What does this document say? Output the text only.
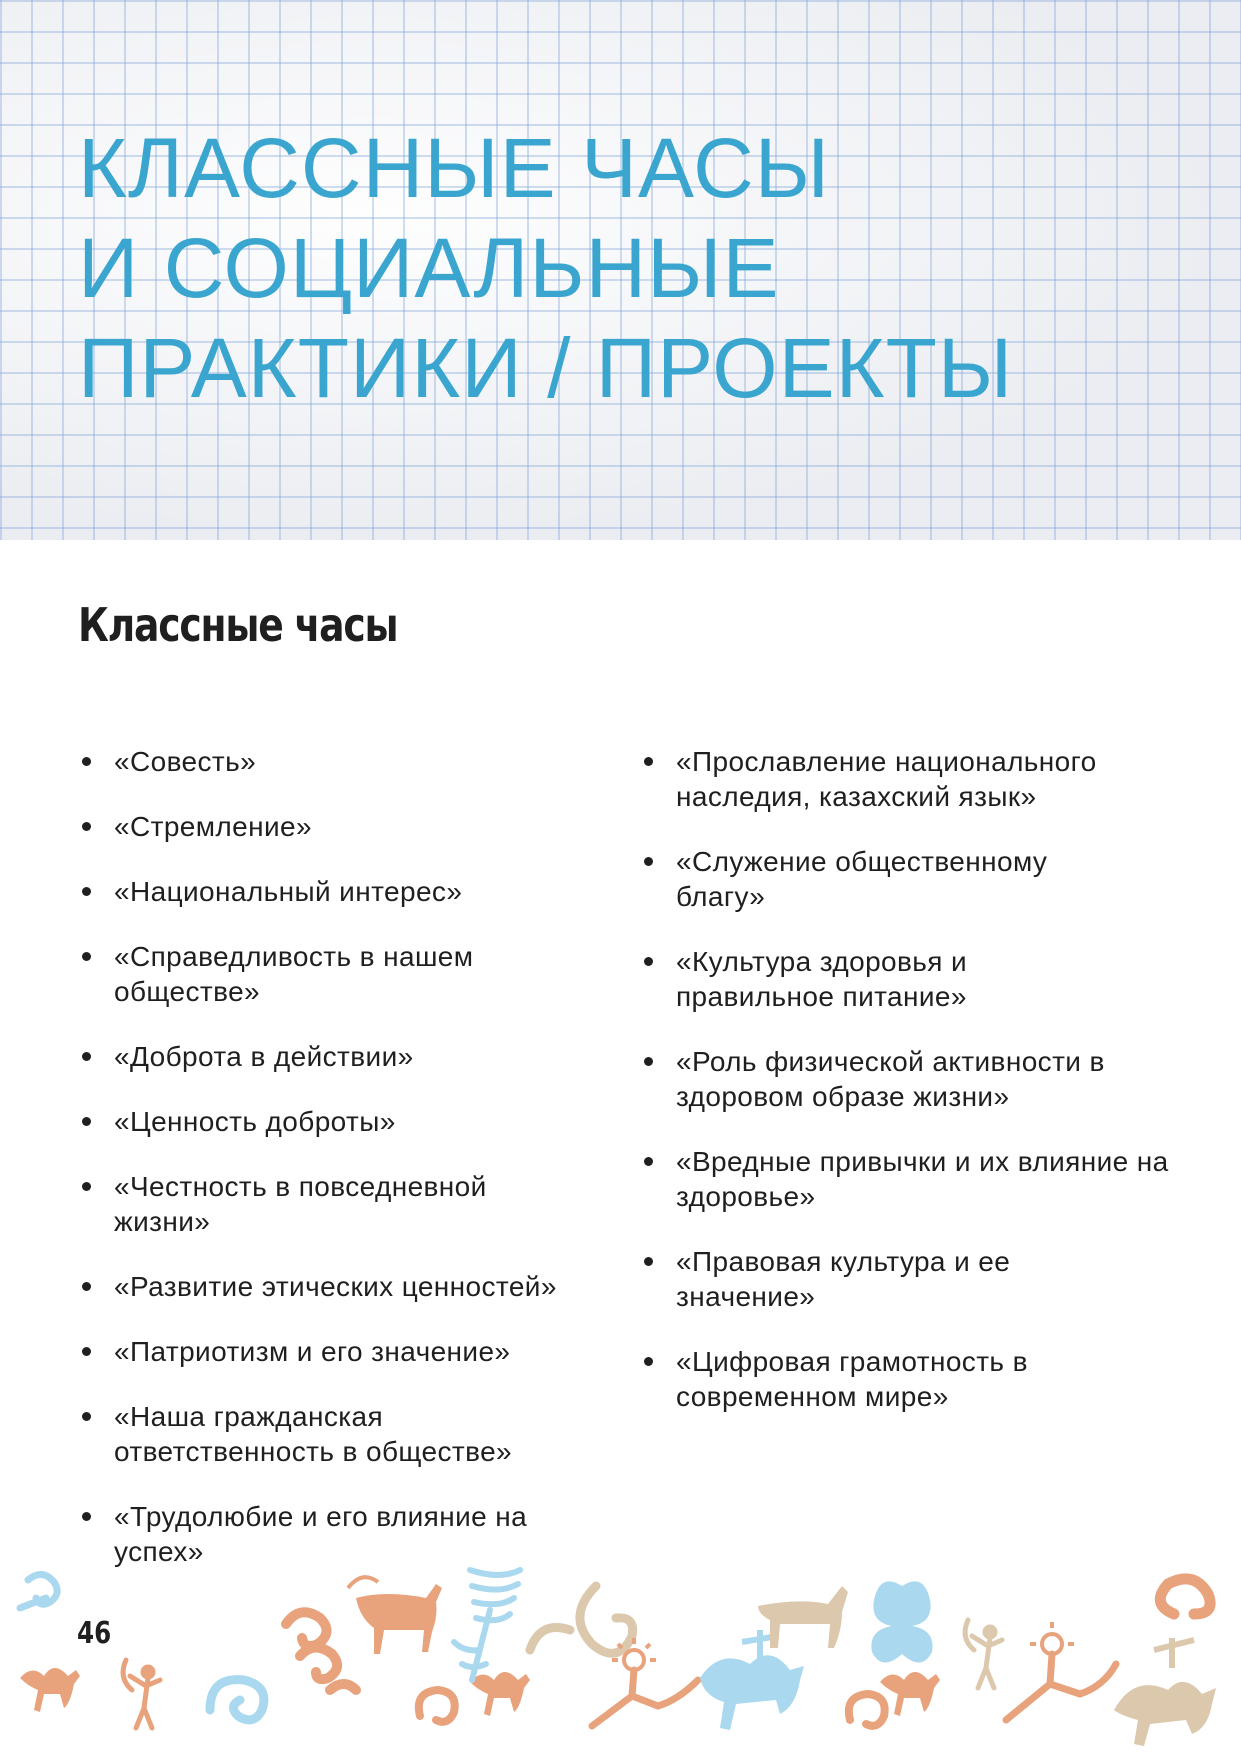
КЛАССНЫЕ ЧАСЫ
И СОЦИАЛЬНЫЕ
ПРАКТИКИ / ПРОЕКТЫ
Классные часы
«Совесть»
«Стремление»
«Национальный интерес»
«Справедливость в нашем обществе»
«Доброта в действии»
«Ценность доброты»
«Честность в повседневной жизни»
«Развитие этических ценностей»
«Патриотизм и его значение»
«Наша гражданская ответственность в обществе»
«Трудолюбие и его влияние на успех»
«Прославление национального наследия, казахский язык»
«Служение общественному благу»
«Культура здоровья и правильное питание»
«Роль физической активности в здоровом образе жизни»
«Вредные привычки и их влияние на здоровье»
«Правовая культура и ее значение»
«Цифровая грамотность в современном мире»
46
